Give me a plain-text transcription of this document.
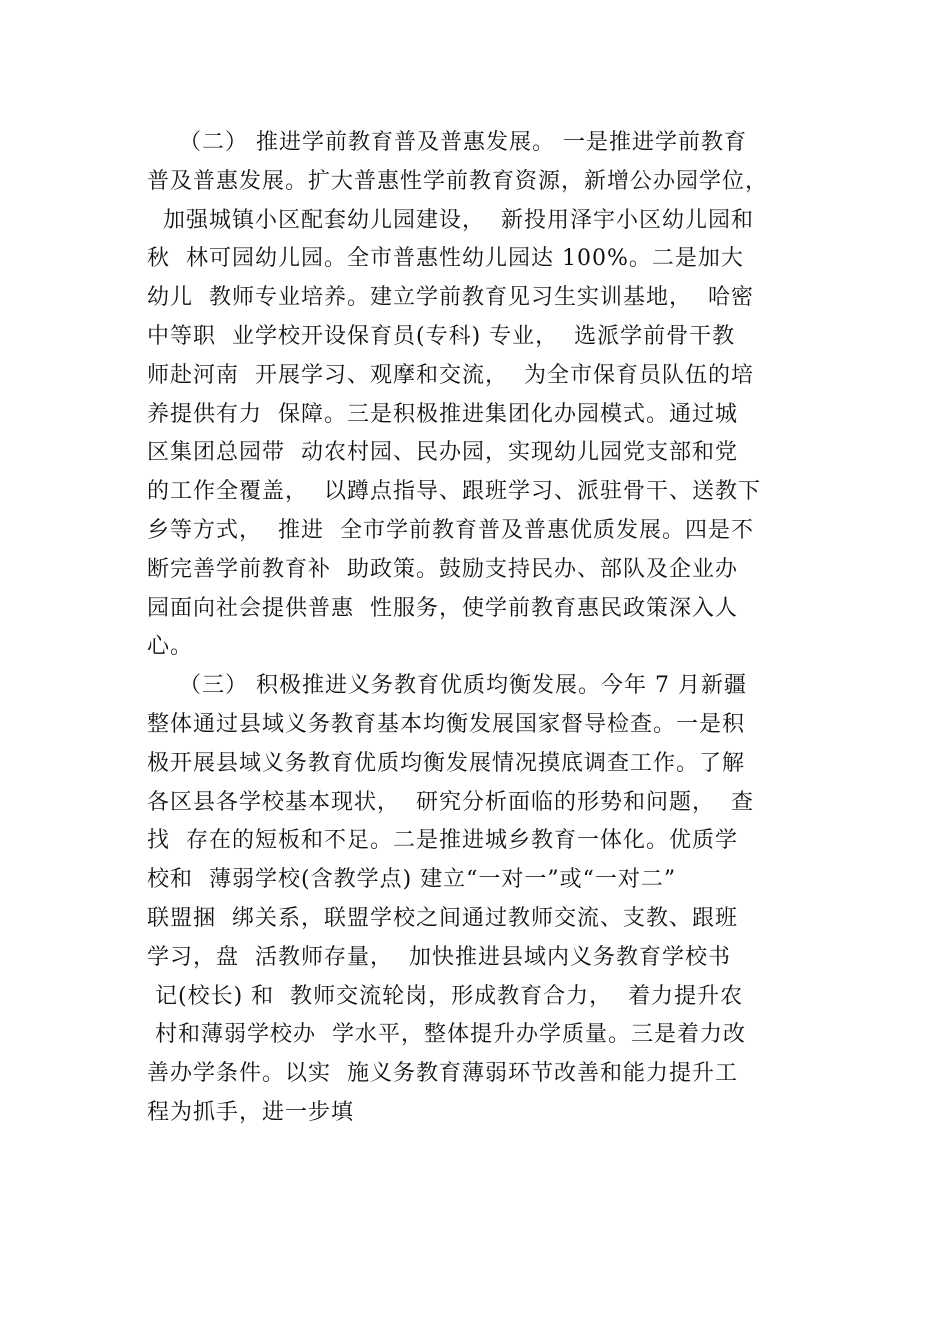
（二） 推进学前教育普及普惠发展。 一是推进学前教育
普及普惠发展。扩大普惠性学前教育资源，新增公办园学位，
加强城镇小区配套幼儿园建设，  新投用泽宇小区幼儿园和
秋  林可园幼儿园。全市普惠性幼儿园达 100%。二是加大
幼儿  教师专业培养。建立学前教育见习生实训基地，  哈密
中等职  业学校开设保育员(专科) 专业，  选派学前骨干教
师赴河南  开展学习、观摩和交流，  为全市保育员队伍的培
养提供有力  保障。三是积极推进集团化办园模式。通过城
区集团总园带  动农村园、民办园，实现幼儿园党支部和党
的工作全覆盖，  以蹲点指导、跟班学习、派驻骨干、送教下
乡等方式，  推进  全市学前教育普及普惠优质发展。四是不
断完善学前教育补  助政策。鼓励支持民办、部队及企业办
园面向社会提供普惠  性服务，使学前教育惠民政策深入人
心。
（三） 积极推进义务教育优质均衡发展。今年 7 月新疆
整体通过县域义务教育基本均衡发展国家督导检查。一是积
极开展县域义务教育优质均衡发展情况摸底调查工作。了解
各区县各学校基本现状，  研究分析面临的形势和问题，  查
找  存在的短板和不足。二是推进城乡教育一体化。优质学
校和  薄弱学校(含教学点) 建立“一对一”或“一对二”
联盟捆  绑关系，联盟学校之间通过教师交流、支教、跟班
学习，盘  活教师存量，  加快推进县域内义务教育学校书
记(校长) 和  教师交流轮岗，形成教育合力，  着力提升农
村和薄弱学校办  学水平，整体提升办学质量。三是着力改
善办学条件。以实  施义务教育薄弱环节改善和能力提升工
程为抓手，进一步填
